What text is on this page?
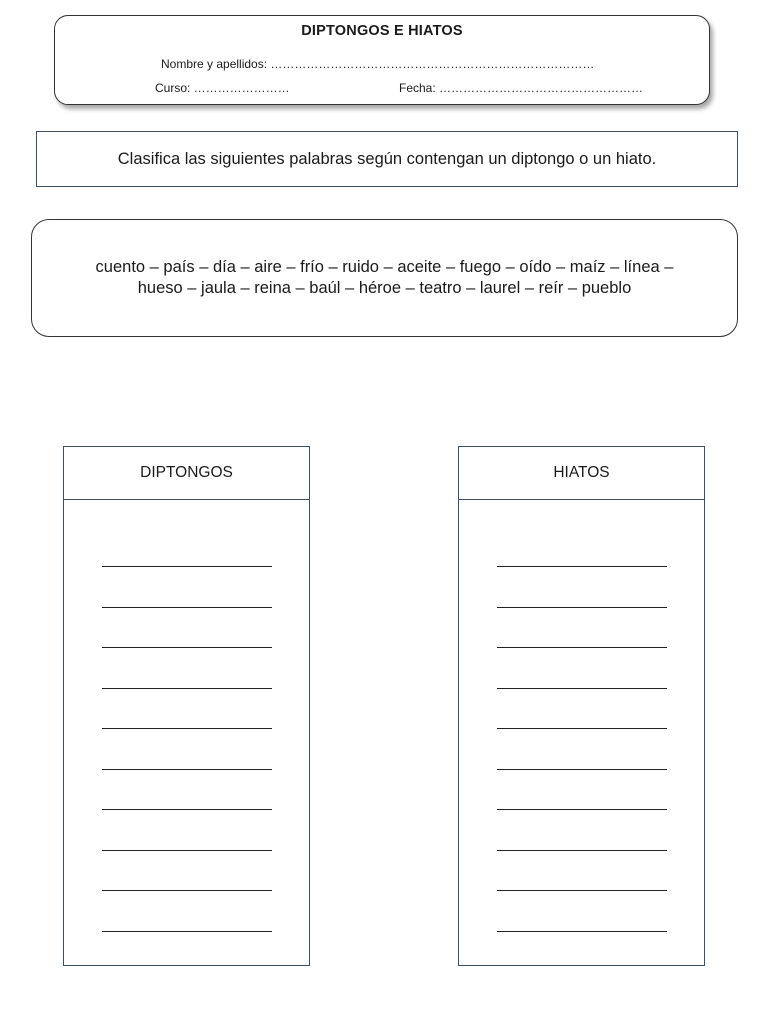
DIPTONGOS E HIATOS
Nombre y apellidos: ………………………………………………………………………
Curso: ……………………	Fecha: ……………………………………………
Clasifica las siguientes palabras según contengan un diptongo o un hiato.
cuento – país – día – aire – frío – ruido – aceite – fuego – oído – maíz – línea –
hueso – jaula – reina – baúl – héroe – teatro – laurel – reír – pueblo
DIPTONGOS	HIATOS
